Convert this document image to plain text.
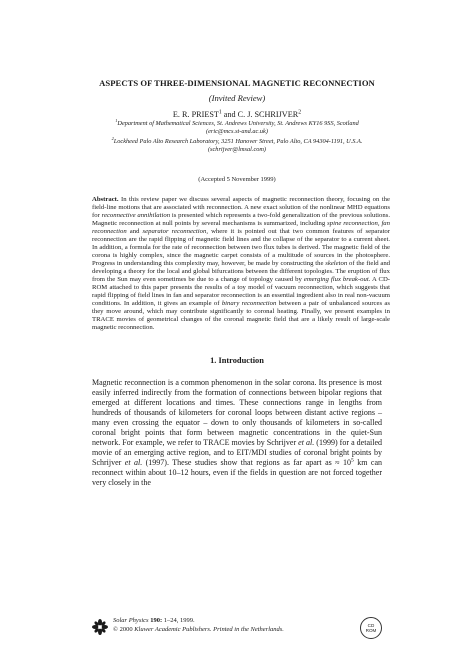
ASPECTS OF THREE-DIMENSIONAL MAGNETIC RECONNECTION
(Invited Review)
E. R. PRIEST$^1$ and C. J. SCHRIJVER$^2$
$^1$Department of Mathematical Sciences, St. Andrews University, St. Andrews KY16 9SS, Scotland
(eric@mcs.st-and.ac.uk)
$^2$Lockheed Palo Alto Research Laboratory, 3251 Hanover Street, Palo Alto, CA 94304-1191, U.S.A.
(schrijver@lmsal.com)
(Accepted 5 November 1999)
Abstract. In this review paper we discuss several aspects of magnetic reconnection theory, focusing on the field-line motions that are associated with reconnection. A new exact solution of the nonlinear MHD equations for reconnective annihilation is presented which represents a two-fold generalization of the previous solutions. Magnetic reconnection at null points by several mechanisms is summarized, including spine reconnection, fan reconnection and separator reconnection, where it is pointed out that two common features of separator reconnection are the rapid flipping of magnetic field lines and the collapse of the separator to a current sheet. In addition, a formula for the rate of reconnection between two flux tubes is derived. The magnetic field of the corona is highly complex, since the magnetic carpet consists of a multitude of sources in the photosphere. Progress in understanding this complexity may, however, be made by constructing the skeleton of the field and developing a theory for the local and global bifurcations between the different topologies. The eruption of flux from the Sun may even sometimes be due to a change of topology caused by emerging flux break-out. A CD-ROM attached to this paper presents the results of a toy model of vacuum reconnection, which suggests that rapid flipping of field lines in fan and separator reconnection is an essential ingredient also in real non-vacuum conditions. In addition, it gives an example of binary reconnection between a pair of unbalanced sources as they move around, which may contribute significantly to coronal heating. Finally, we present examples in TRACE movies of geometrical changes of the coronal magnetic field that are a likely result of large-scale magnetic reconnection.
1. Introduction
Magnetic reconnection is a common phenomenon in the solar corona. Its presence is most easily inferred indirectly from the formation of connections between bipolar regions that emerged at different locations and times. These connections range in lengths from hundreds of thousands of kilometers for coronal loops between distant active regions – many even crossing the equator – down to only thousands of kilometers in so-called coronal bright points that form between magnetic concentrations in the quiet-Sun network. For example, we refer to TRACE movies by Schrijver et al. (1999) for a detailed movie of an emerging active region, and to EIT/MDI studies of coronal bright points by Schrijver et al. (1997). These studies show that regions as far apart as ≈ $10^5$ km can reconnect within about 10–12 hours, even if the fields in question are not forced together very closely in the
Solar Physics 190: 1–24, 1999.
© 2000 Kluwer Academic Publishers. Printed in the Netherlands.
CD
ROM
